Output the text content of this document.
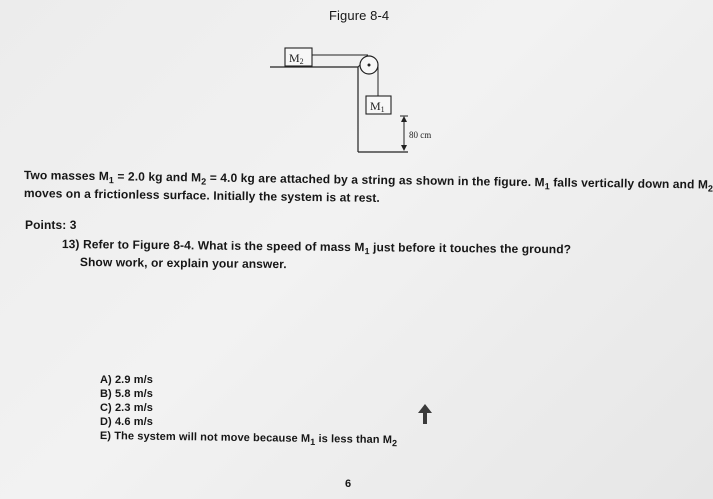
Figure 8-4
M2
M1
80 cm
Two masses $M_1 = 2.0$ kg and $M_2 = 4.0$ kg are attached by a string as shown in the figure. $M_1$ falls vertically down and $M_2$
moves on a frictionless surface. Initially the system is at rest.
Points: 3
13) Refer to Figure 8-4. What is the speed of mass $M_1$ just before it touches the ground?
Show work, or explain your answer.
A) 2.9 m/s
B) 5.8 m/s
C) 2.3 m/s
D) 4.6 m/s
E) The system will not move because $M_1$ is less than $M_2$
6
